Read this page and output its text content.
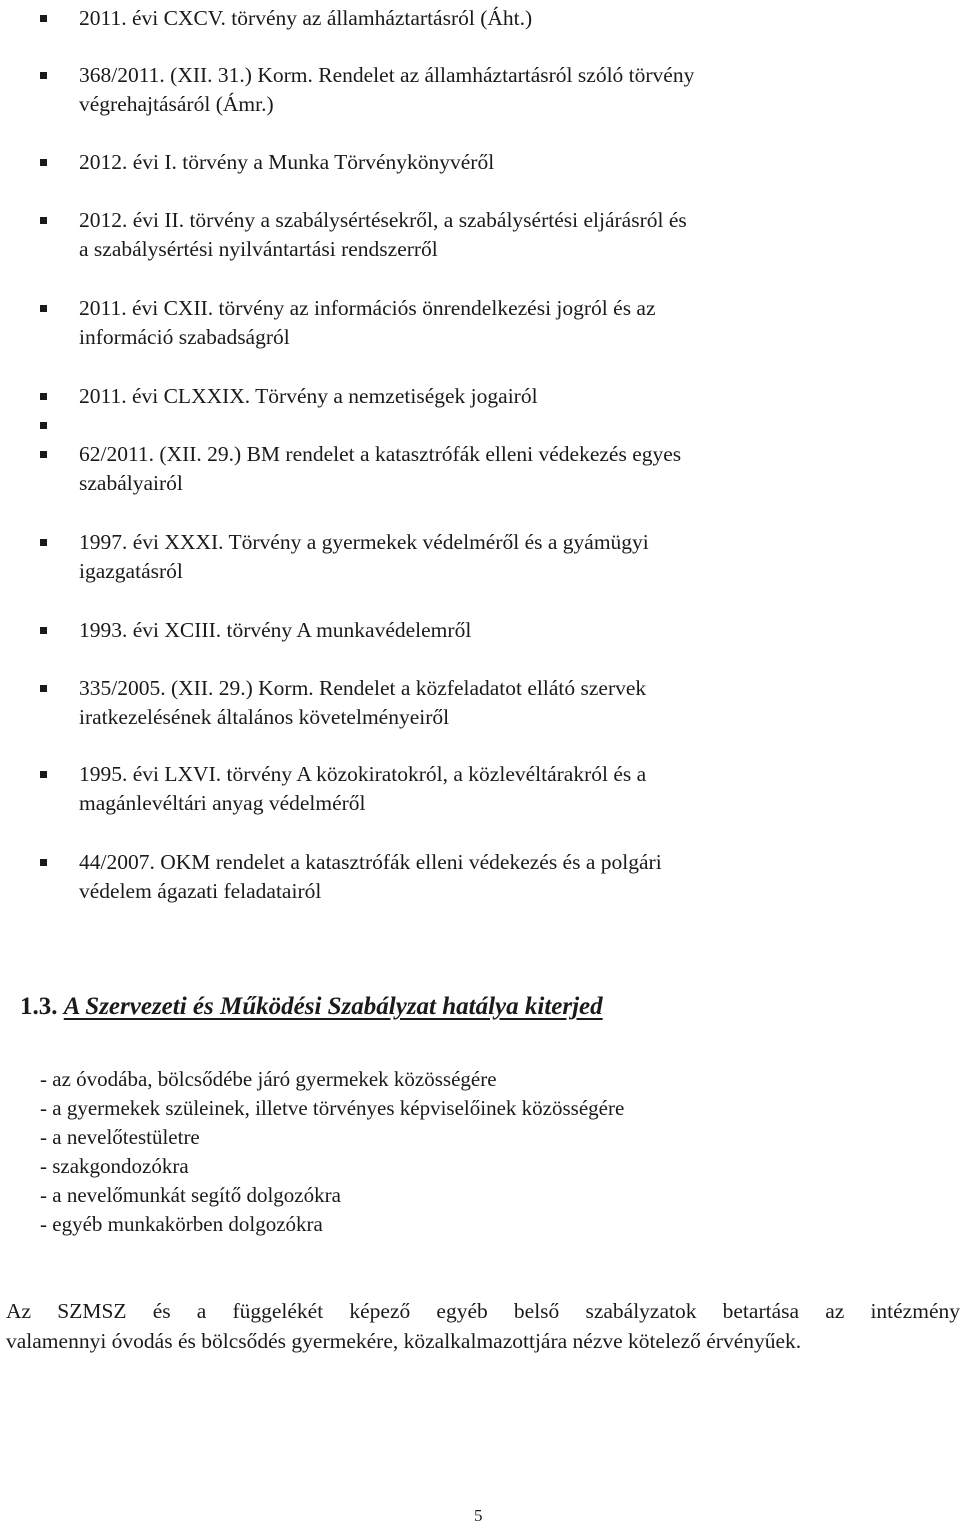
2011. évi CXCV. törvény az államháztartásról (Áht.)
368/2011. (XII. 31.) Korm. Rendelet az államháztartásról szóló törvény
végrehajtásáról (Ámr.)
2012. évi I. törvény a Munka Törvénykönyvéről
2012. évi II. törvény a szabálysértésekről, a szabálysértési eljárásról és
a szabálysértési nyilvántartási rendszerről
2011. évi CXII. törvény az információs önrendelkezési jogról és az
információ szabadságról
2011. évi CLXXIX. Törvény a nemzetiségek jogairól
62/2011. (XII. 29.) BM rendelet a katasztrófák elleni védekezés egyes
szabályairól
1997. évi XXXI. Törvény a gyermekek védelméről és a gyámügyi
igazgatásról
1993. évi XCIII. törvény A munkavédelemről
335/2005. (XII. 29.) Korm. Rendelet a közfeladatot ellátó szervek
iratkezelésének általános követelményeiről
1995. évi LXVI. törvény A közokiratokról, a közlevéltárakról és a
magánlevéltári anyag védelméről
44/2007. OKM rendelet a katasztrófák elleni védekezés és a polgári
védelem ágazati feladatairól
1.3. A Szervezeti és Működési Szabályzat hatálya kiterjed
- az óvodába, bölcsődébe járó gyermekek közösségére
- a gyermekek szüleinek, illetve törvényes képviselőinek közösségére
- a nevelőtestületre
- szakgondozókra
- a nevelőmunkát segítő dolgozókra
- egyéb munkakörben dolgozókra
Az SZMSZ és a függelékét képező egyéb belső szabályzatok betartása az intézmény
valamennyi óvodás és bölcsődés gyermekére, közalkalmazottjára nézve kötelező érvényűek.
5
